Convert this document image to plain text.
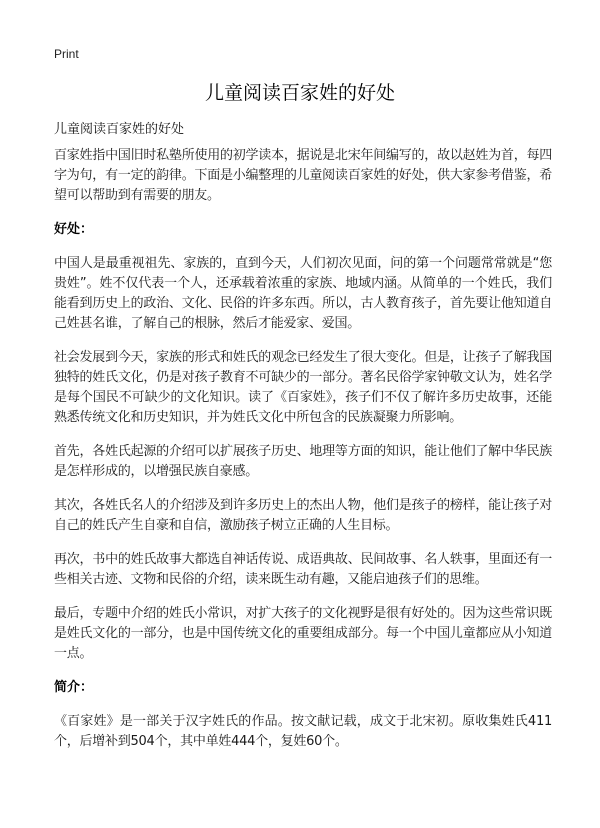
Print
儿童阅读百家姓的好处

儿童阅读百家姓的好处

百家姓指中国旧时私塾所使用的初学读本，据说是北宋年间编写的，故以赵姓为首，每四字为句，有一定的韵律。下面是小编整理的儿童阅读百家姓的好处，供大家参考借鉴，希望可以帮助到有需要的朋友。

好处：

中国人是最重视祖先、家族的，直到今天，人们初次见面，问的第一个问题常常就是“您贵姓”。姓不仅代表一个人，还承载着浓重的家族、地域内涵。从简单的一个姓氏，我们能看到历史上的政治、文化、民俗的许多东西。所以，古人教育孩子，首先要让他知道自己姓甚名谁，了解自己的根脉，然后才能爱家、爱国。

社会发展到今天，家族的形式和姓氏的观念已经发生了很大变化。但是，让孩子了解我国独特的姓氏文化，仍是对孩子教育不可缺少的一部分。著名民俗学家钟敬文认为，姓名学是每个国民不可缺少的文化知识。读了《百家姓》，孩子们不仅了解许多历史故事，还能熟悉传统文化和历史知识，并为姓氏文化中所包含的民族凝聚力所影响。

首先，各姓氏起源的介绍可以扩展孩子历史、地理等方面的知识，能让他们了解中华民族是怎样形成的，以增强民族自豪感。

其次，各姓氏名人的介绍涉及到许多历史上的杰出人物，他们是孩子的榜样，能让孩子对自己的姓氏产生自豪和自信，激励孩子树立正确的人生目标。

再次，书中的姓氏故事大都选自神话传说、成语典故、民间故事、名人轶事，里面还有一些相关古迹、文物和民俗的介绍，读来既生动有趣，又能启迪孩子们的思维。

最后，专题中介绍的姓氏小常识，对扩大孩子的文化视野是很有好处的。因为这些常识既是姓氏文化的一部分，也是中国传统文化的重要组成部分。每一个中国儿童都应从小知道一点。

简介：

《百家姓》是一部关于汉字姓氏的作品。按文献记载，成文于北宋初。原收集姓氏411个，后增补到504个，其中单姓444个，复姓60个。
